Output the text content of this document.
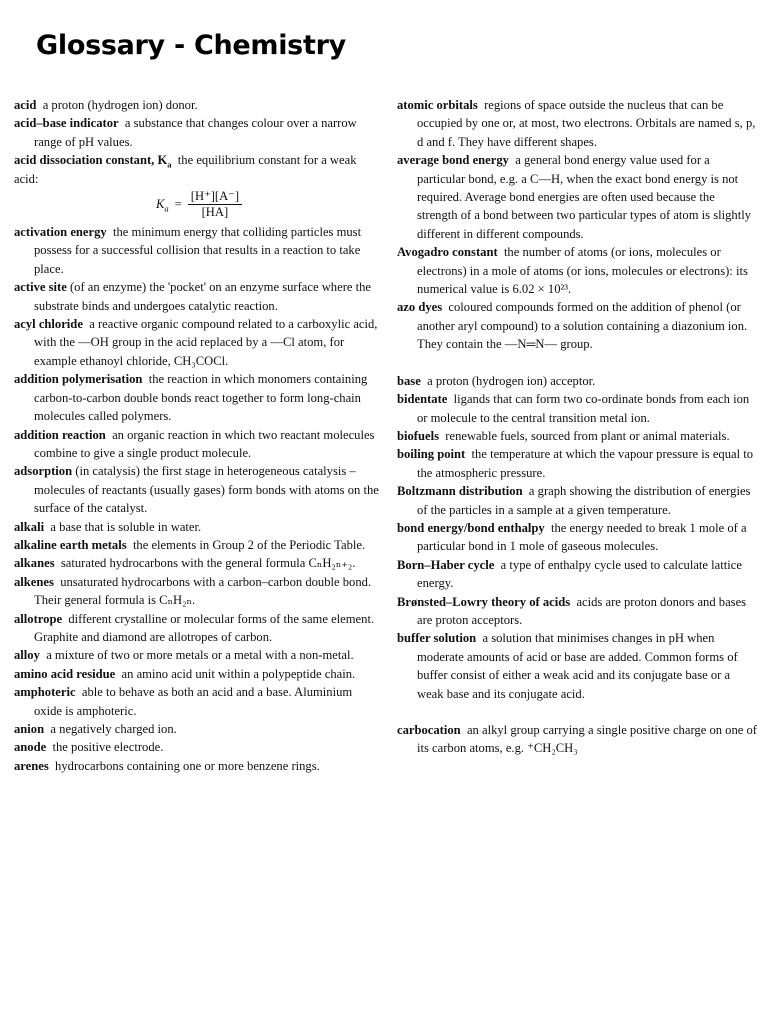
Glossary - Chemistry

acid a proton (hydrogen ion) donor.

acid–base indicator a substance that changes colour over a narrow range of pH values.

acid dissociation constant, $K_a$ the equilibrium constant for a weak acid:

$K_a = \frac{[H^+][A^-]}{[HA]}$

activation energy the minimum energy that colliding particles must possess for a successful collision that results in a reaction to take place.

active site (of an enzyme) the 'pocket' on an enzyme surface where the substrate binds and undergoes catalytic reaction.

acyl chloride a reactive organic compound related to a carboxylic acid, with the —OH group in the acid replaced by a —Cl atom, for example ethanoyl chloride, CH₃COCl.

addition polymerisation the reaction in which monomers containing carbon-to-carbon double bonds react together to form long-chain molecules called polymers.

addition reaction an organic reaction in which two reactant molecules combine to give a single product molecule.

adsorption (in catalysis) the first stage in heterogeneous catalysis – molecules of reactants (usually gases) form bonds with atoms on the surface of the catalyst.

alkali a base that is soluble in water.

alkaline earth metals the elements in Group 2 of the Periodic Table.

alkanes saturated hydrocarbons with the general formula CₙH₂ₙ₊₂.

alkenes unsaturated hydrocarbons with a carbon–carbon double bond. Their general formula is CₙH₂ₙ.

allotrope different crystalline or molecular forms of the same element. Graphite and diamond are allotropes of carbon.

alloy a mixture of two or more metals or a metal with a non-metal.

amino acid residue an amino acid unit within a polypeptide chain.

amphoteric able to behave as both an acid and a base. Aluminium oxide is amphoteric.

anion a negatively charged ion.

anode the positive electrode.

arenes hydrocarbons containing one or more benzene rings.

atomic orbitals regions of space outside the nucleus that can be occupied by one or, at most, two electrons. Orbitals are named s, p, d and f. They have different shapes.

average bond energy a general bond energy value used for a particular bond, e.g. a C—H, when the exact bond energy is not required. Average bond energies are often used because the strength of a bond between two particular types of atom is slightly different in different compounds.

Avogadro constant the number of atoms (or ions, molecules or electrons) in a mole of atoms (or ions, molecules or electrons): its numerical value is 6.02 × 10²³.

azo dyes coloured compounds formed on the addition of phenol (or another aryl compound) to a solution containing a diazonium ion. They contain the —N═N— group.

base a proton (hydrogen ion) acceptor.

bidentate ligands that can form two co-ordinate bonds from each ion or molecule to the central transition metal ion.

biofuels renewable fuels, sourced from plant or animal materials.

boiling point the temperature at which the vapour pressure is equal to the atmospheric pressure.

Boltzmann distribution a graph showing the distribution of energies of the particles in a sample at a given temperature.

bond energy/bond enthalpy the energy needed to break 1 mole of a particular bond in 1 mole of gaseous molecules.

Born–Haber cycle a type of enthalpy cycle used to calculate lattice energy.

Brønsted–Lowry theory of acids acids are proton donors and bases are proton acceptors.

buffer solution a solution that minimises changes in pH when moderate amounts of acid or base are added. Common forms of buffer consist of either a weak acid and its conjugate base or a weak base and its conjugate acid.

carbocation an alkyl group carrying a single positive charge on one of its carbon atoms, e.g. ⁺CH₂CH₃
